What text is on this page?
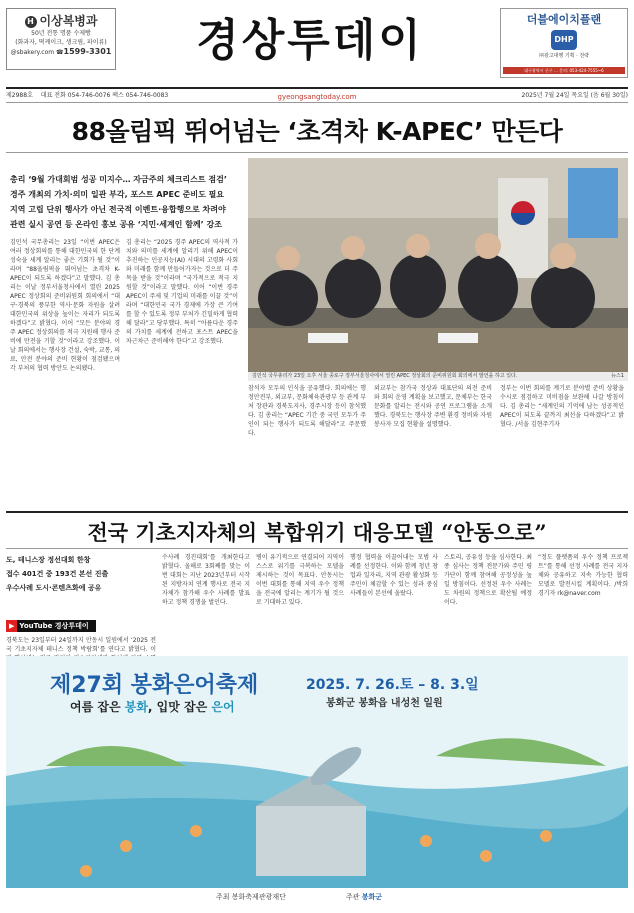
H 이상복병과
50년 전통 명품 수제빵
(화과자, 떡케이크, 생크림, 파이류)
@sbakery.com ☎1599-3301	경상투데이
gyeongsangtoday.com
더블에이치플랜
DHP
㈜광고대행 기획 · 전략
대구광역시 중구 … 문의: 053-424-7555~6
제2988호 대표 전화 054-746-0076 팩스 054-746-0083	2025년 7월 24일 목요일 (음 6월 30일)
88올림픽 뛰어넘는 ‘초격차 K-APEC’ 만든다
총리 ‘9월 가대회범 성공 미지수… 자금주의 체크리스트 점검’
경주 개최의 가치·의미 일관 부각, 포스트 APEC 준비도 필요
지역 고립 단위 행사가 아닌 전국적 이벤트·융합행으로 차려야
관련 실시 공연 등 온라인 홍보 공유 ‘지민·세계인 함께’ 강조
김민석 국무총리는 23일 “이번 APEC은 여러 정상회의를 통해 대한민국의 한 단계 성숙을 세계 알리는 좋은 기회가 될 것”이라며 “88올림픽을 뛰어넘는 초격차 K-APEC이 되도록 하겠다”고 말했다. 김 총리는 이날 정부서울청사에서 열린 2025 APEC 정상회의 준비위원회 회의에서 “대구·경북의 풍부한 역사·문화 자원을 살려 대한민국의 위상을 높이는 자리가 되도록 하겠다”고 밝혔다. 이어 “모든 분야의 경주 APEC 정상회의를 적극 지원해 행사 준비에 만전을 기할 것”이라고 강조했다. 이날 회의에서는 행사장 건설, 숙박, 교통, 의료, 안전 분야의 준비 현황이 점검됐으며 각 부처의 협력 방안도 논의됐다.
김 총리는 “2025 경주 APEC의 역사적 가치와 의미를 세계에 알리기 위해 APEC이 추진하는 인공지능(AI) 시대의 고령화 사회와 미래를 함께 만들어가자는 것으로 더 주목을 받을 것”이라며 “국가적으로 적극 지원할 것”이라고 말했다. 이어 “이번 경주 APEC이 주세 및 기업의 미래를 이끌 것”이라며 “대한민국 국가 경제에 가장 큰 기여를 할 수 있도록 정부 부처가 긴밀하게 협력해 달라”고 당부했다. 특히 “아름다운 경주의 가치를 세계에 전하고 포스트 APEC을 차근차근 준비해야 한다”고 강조했다.
김민석 국무총리가 23일 오후 서울 종로구 정부서울청사에서 열린 APEC 정상회의 준비위원회 회의에서 발언을 하고 있다.	뉴스1
참석자 모두의 인식을 공유했다. 회의에는 행정안전부, 외교부, 문화체육관광부 등 관계 부처 장관과 경북도지사, 경주시장 등이 참석했다. 김 총리는 “APEC 기간 중 국민 모두가 주인이 되는 행사가 되도록 해달라”고 주문했다.
외교부는 참가국 정상과 대표단의 의전 준비와 회의 운영 계획을 보고했고, 문체부는 한국 문화를 알리는 전시와 공연 프로그램을 소개했다. 경북도는 행사장 주변 환경 정비와 자원봉사자 모집 현황을 설명했다.
정부는 이번 회의를 계기로 분야별 준비 상황을 수시로 점검하고 미비점을 보완해 나갈 방침이다. 김 총리는 “세계인의 기억에 남는 성공적인 APEC이 되도록 끝까지 최선을 다하겠다”고 밝혔다. /서울 김현주기자
전국 기초지자체의 복합위기 대응모델 “안동으로”
도, 테니스장 정선대회 한창
접수 401건 중 193건 본선 진출
우수사례 도시·콘텐츠화에 공유
▶ YouTube 경상투데이
경북도는 23일부터 24일까지 안동시 일원에서 ‘2025 전국 기초지자체 테니스 정책 박람회’를 연다고 밝혔다. 이
수사례 경진대회’를 개최한다고 밝혔다. 올해로 3회째를 맞는 이번 대회는 지난 2023년부터 시작된 지방자치 연계 행사로 전국 지자체가 참가해 우수 사례를 발표하고 정책 경쟁을 벌인다.
병이 유기적으로 연결되어 지역이 스스로 위기를 극복하는 모델을 제시하는 것이 목표다. 안동시는 이번 대회를 통해 지역 우수 정책을 전국에 알리는 계기가 될 것으로 기대하고 있다.
행정 협력을 이끌어내는 모범 사례를 선정한다. 이와 함께 청년 창업과 일자리, 지역 관광 활성화 등 주민이 체감할 수 있는 성과 중심 사례들이 본선에 올랐다.
스토리, 공유성 등을 심사한다. 최종 심사는 정책 전문가와 주민 평가단이 함께 참여해 공정성을 높일 방침이다. 선정된 우수 사례는 도 차원의 정책으로 확산될 예정이다.
“정도 플랫폼의 우수 정책 프로젝트”를 통해 선정 사례를 전국 지자체와 공유하고 지속 가능한 협력 모델로 발전시킬 계획이다. /박희경기자 rk@naver.com
제27회 봉화은어축제	2025. 7. 26.토 – 8. 3.일
봉화군 봉화읍 내성천 일원
여름 잡은 봉화, 입맛 잡은 은어
주최 봉화축제관광재단	주관 봉화군
